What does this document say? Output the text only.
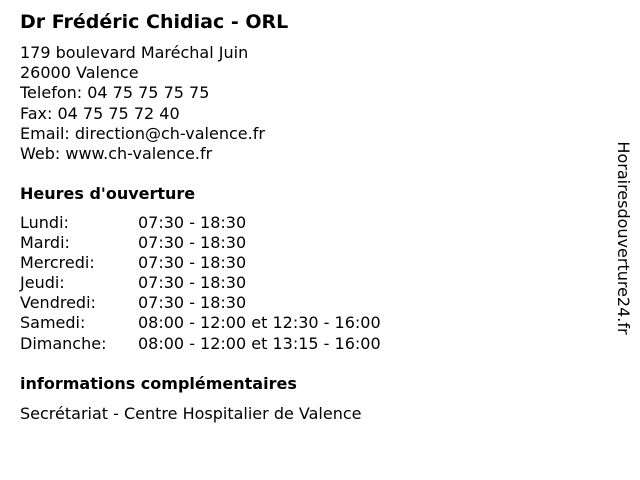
Dr Frédéric Chidiac - ORL
179 boulevard Maréchal Juin
26000 Valence
Telefon: 04 75 75 75 75
Fax: 04 75 75 72 40
Email: direction@ch-valence.fr
Web: www.ch-valence.fr
Heures d'ouverture
Lundi:	07:30 - 18:30
Mardi:	07:30 - 18:30
Mercredi:	07:30 - 18:30
Jeudi:	07:30 - 18:30
Vendredi:	07:30 - 18:30
Samedi:	08:00 - 12:00 et 12:30 - 16:00
Dimanche: 08:00 - 12:00 et 13:15 - 16:00
informations complémentaires
Secrétariat - Centre Hospitalier de Valence
Horairesdouverture24.fr
